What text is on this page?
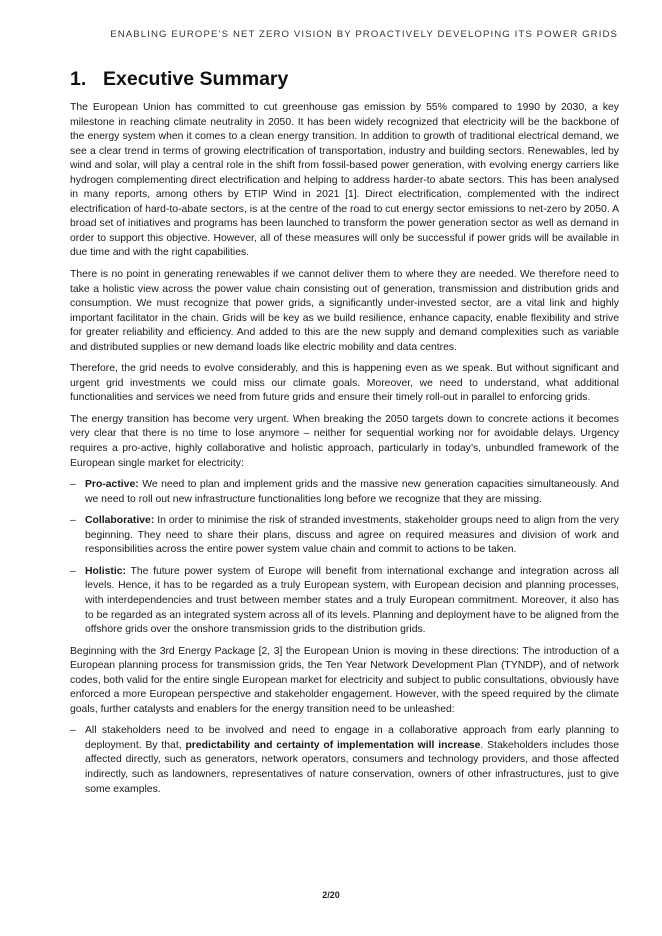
ENABLING EUROPE’S NET ZERO VISION BY PROACTIVELY DEVELOPING ITS POWER GRIDS
1. Executive Summary

The European Union has committed to cut greenhouse gas emission by 55% compared to 1990 by 2030, a key milestone in reaching climate neutrality in 2050. It has been widely recognized that electricity will be the backbone of the energy system when it comes to a clean energy transition. In addition to growth of traditional electrical demand, we see a clear trend in terms of growing electrification of transportation, industry and building sectors. Renewables, led by wind and solar, will play a central role in the shift from fossil-based power generation, with evolving energy carriers like hydrogen complementing direct electrification and helping to address harder-to abate sectors. This has been analysed in many reports, among others by ETIP Wind in 2021 [1]. Direct electrification, complemented with the indirect electrification of hard-to-abate sectors, is at the centre of the road to cut energy sector emissions to net-zero by 2050. A broad set of initiatives and programs has been launched to transform the power generation sector as well as demand in order to support this objective. However, all of these measures will only be successful if power grids will be available in due time and with the right capabilities.

There is no point in generating renewables if we cannot deliver them to where they are needed. We therefore need to take a holistic view across the power value chain consisting out of generation, transmission and distribution grids and consumption. We must recognize that power grids, a significantly under-invested sector, are a vital link and highly important facilitator in the chain. Grids will be key as we build resilience, enhance capacity, enable flexibility and strive for greater reliability and efficiency. And added to this are the new supply and demand complexities such as variable and distributed supplies or new demand loads like electric mobility and data centres.

Therefore, the grid needs to evolve considerably, and this is happening even as we speak. But without significant and urgent grid investments we could miss our climate goals. Moreover, we need to understand, what additional functionalities and services we need from future grids and ensure their timely roll-out in parallel to enforcing grids.

The energy transition has become very urgent. When breaking the 2050 targets down to concrete actions it becomes very clear that there is no time to lose anymore – neither for sequential working nor for avoidable delays. Urgency requires a pro-active, highly collaborative and holistic approach, particularly in today’s, unbundled framework of the European single market for electricity:

– Pro-active: We need to plan and implement grids and the massive new generation capacities simultaneously. And we need to roll out new infrastructure functionalities long before we recognize that they are missing.
– Collaborative: In order to minimise the risk of stranded investments, stakeholder groups need to align from the very beginning. They need to share their plans, discuss and agree on required measures and division of work and responsibilities across the entire power system value chain and commit to actions to be taken.
– Holistic: The future power system of Europe will benefit from international exchange and integration across all levels. Hence, it has to be regarded as a truly European system, with European decision and planning processes, with interdependencies and trust between member states and a truly European commitment. Moreover, it also has to be regarded as an integrated system across all of its levels. Planning and deployment have to be aligned from the offshore grids over the onshore transmission grids to the distribution grids.

Beginning with the 3rd Energy Package [2, 3] the European Union is moving in these directions: The introduction of a European planning process for transmission grids, the Ten Year Network Development Plan (TYNDP), and of network codes, both valid for the entire single European market for electricity and subject to public consultations, obviously have enforced a more European perspective and stakeholder engagement. However, with the speed required by the climate goals, further catalysts and enablers for the energy transition need to be unleashed:

– All stakeholders need to be involved and need to engage in a collaborative approach from early planning to deployment. By that, predictability and certainty of implementation will increase. Stakeholders includes those affected directly, such as generators, network operators, consumers and technology providers, and those affected indirectly, such as landowners, representatives of nature conservation, owners of other infrastructures, just to give some examples.
2/20
